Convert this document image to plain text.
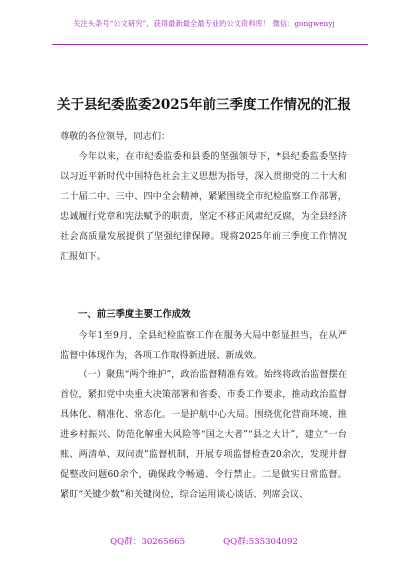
关注头条号“公文研究”，获得最新最全最专业的公文资料库！ 微信：gongwenyj
关于县纪委监委2025年前三季度工作情况的汇报
尊敬的各位领导，同志们：
今年以来，在市纪委监委和县委的坚强领导下，*县纪委监委坚持以习近平新时代中国特色社会主义思想为指导，深入贯彻党的二十大和二十届二中、三中、四中全会精神，紧紧围绕全市纪检监察工作部署，忠诚履行党章和宪法赋予的职责，坚定不移正风肃纪反腐，为全县经济社会高质量发展提供了坚强纪律保障。现将2025年前三季度工作情况汇报如下。
一、前三季度主要工作成效
今年1至9月，全县纪检监察工作在服务大局中彰显担当，在从严监督中体现作为，各项工作取得新进展、新成效。
（一）聚焦“两个维护”，政治监督精准有效。始终将政治监督摆在首位，紧扣党中央重大决策部署和省委、市委工作要求，推动政治监督具体化、精准化、常态化。一是护航中心大局。围绕优化营商环境、推进乡村振兴、防范化解重大风险等“国之大者”“县之大计”，建立“一台账、两清单、双问责”监督机制，开展专项监督检查20余次，发现并督促整改问题60余个，确保政令畅通、令行禁止。二是做实日常监督。紧盯“关键少数”和关键岗位，综合运用谈心谈话、列席会议、
QQ群：30265665	QQ群:535304092
